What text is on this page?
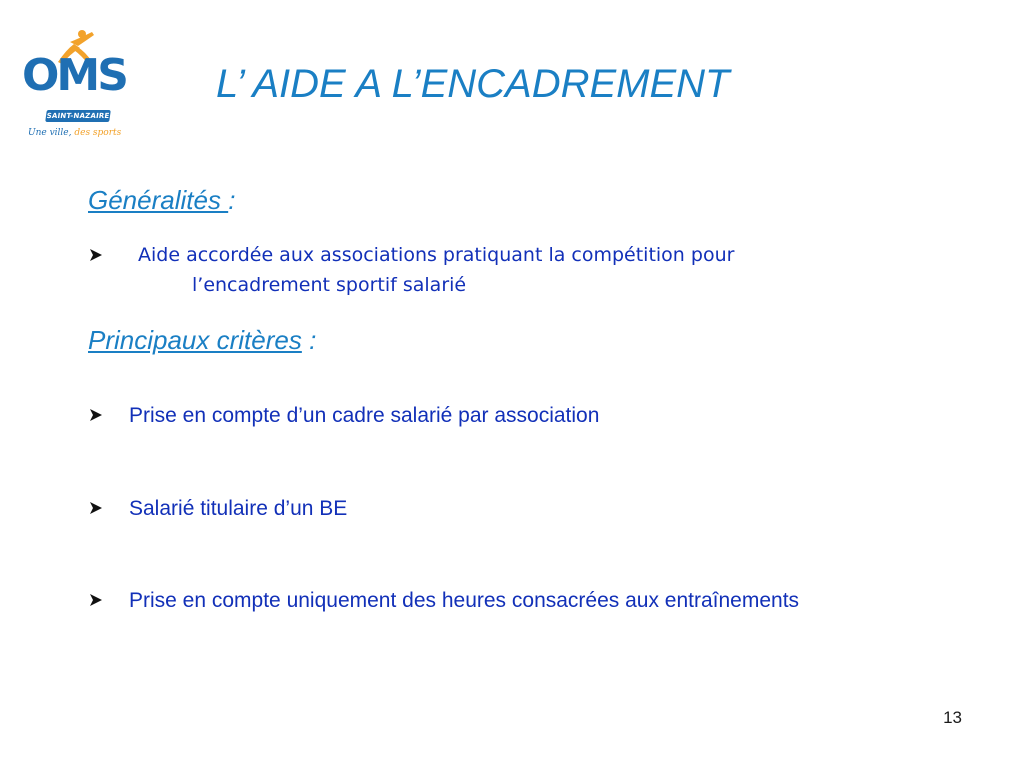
OMS
SAINT-NAZAIRE
Une ville, des sports
L’ AIDE A L’ENCADREMENT
Généralités :
Aide accordée aux associations pratiquant la compétition pour
l’encadrement sportif salarié
Principaux critères :
Prise en compte d’un cadre salarié par association
Salarié titulaire d’un BE
Prise en compte uniquement des heures consacrées aux entraînements
13
